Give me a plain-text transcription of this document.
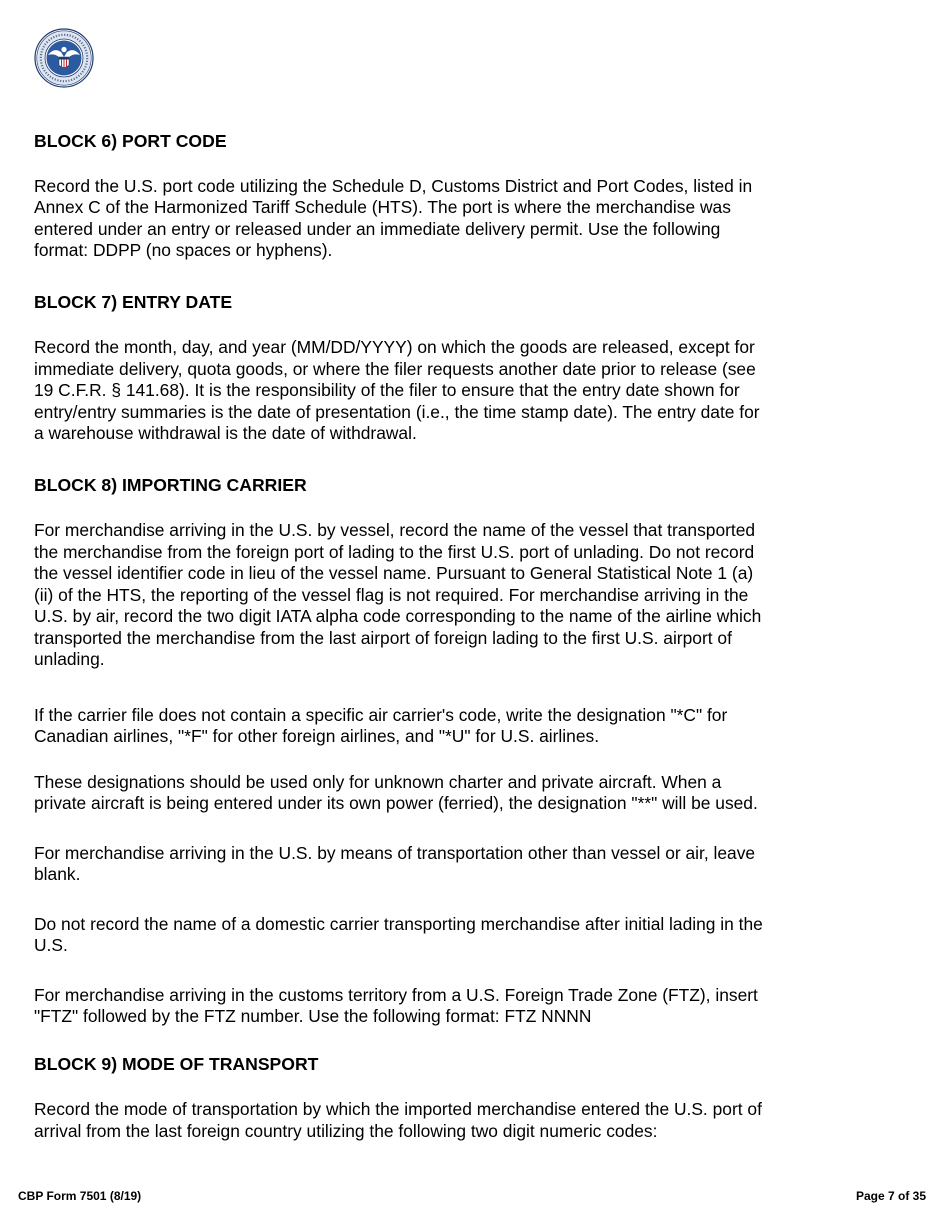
BLOCK 6) PORT CODE

Record the U.S. port code utilizing the Schedule D, Customs District and Port Codes, listed in Annex C of the Harmonized Tariff Schedule (HTS). The port is where the merchandise was entered under an entry or released under an immediate delivery permit. Use the following format: DDPP (no spaces or hyphens).

BLOCK 7) ENTRY DATE

Record the month, day, and year (MM/DD/YYYY) on which the goods are released, except for immediate delivery, quota goods, or where the filer requests another date prior to release (see 19 C.F.R. § 141.68). It is the responsibility of the filer to ensure that the entry date shown for entry/entry summaries is the date of presentation (i.e., the time stamp date). The entry date for a warehouse withdrawal is the date of withdrawal.

BLOCK 8) IMPORTING CARRIER

For merchandise arriving in the U.S. by vessel, record the name of the vessel that transported the merchandise from the foreign port of lading to the first U.S. port of unlading. Do not record the vessel identifier code in lieu of the vessel name. Pursuant to General Statistical Note 1 (a) (ii) of the HTS, the reporting of the vessel flag is not required. For merchandise arriving in the U.S. by air, record the two digit IATA alpha code corresponding to the name of the airline which transported the merchandise from the last airport of foreign lading to the first U.S. airport of unlading.

If the carrier file does not contain a specific air carrier's code, write the designation "*C" for Canadian airlines, "*F" for other foreign airlines, and "*U" for U.S. airlines.

These designations should be used only for unknown charter and private aircraft. When a private aircraft is being entered under its own power (ferried), the designation "**" will be used.

For merchandise arriving in the U.S. by means of transportation other than vessel or air, leave blank.

Do not record the name of a domestic carrier transporting merchandise after initial lading in the U.S.

For merchandise arriving in the customs territory from a U.S. Foreign Trade Zone (FTZ), insert "FTZ" followed by the FTZ number. Use the following format: FTZ NNNN

BLOCK 9) MODE OF TRANSPORT

Record the mode of transportation by which the imported merchandise entered the U.S. port of arrival from the last foreign country utilizing the following two digit numeric codes:

CBP Form 7501 (8/19)	Page 7 of 35
